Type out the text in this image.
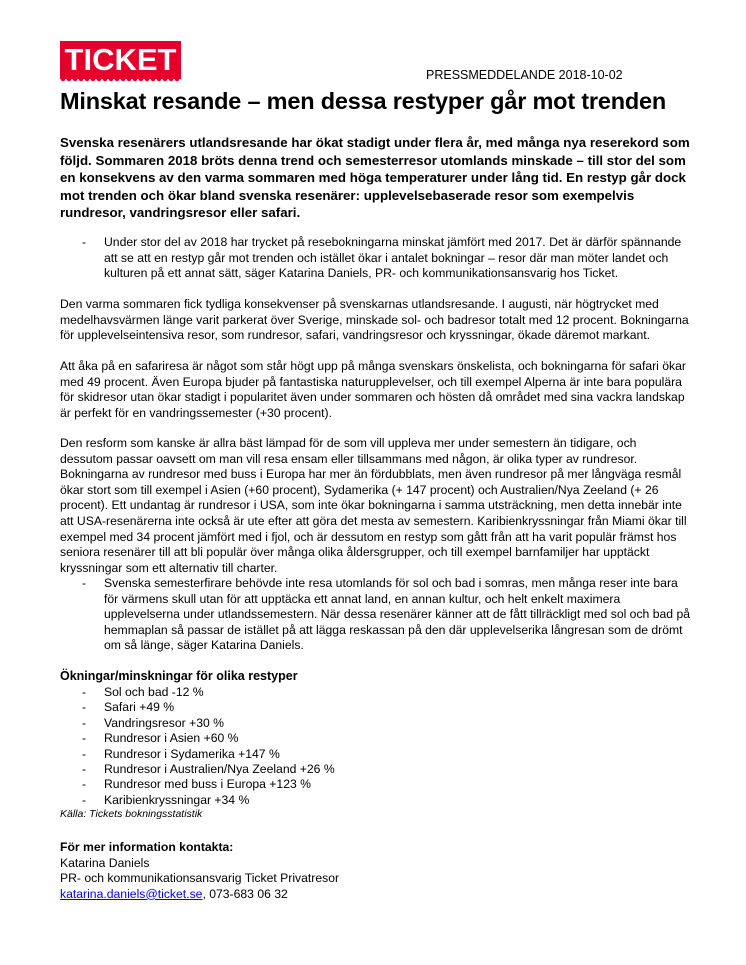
TICKET	PRESSMEDDELANDE 2018-10-02
Minskat resande – men dessa restyper går mot trenden

Svenska resenärers utlandsresande har ökat stadigt under flera år, med många nya reserekord som följd. Sommaren 2018 bröts denna trend och semesterresor utomlands minskade – till stor del som en konsekvens av den varma sommaren med höga temperaturer under lång tid. En restyp går dock mot trenden och ökar bland svenska resenärer: upplevelsebaserade resor som exempelvis rundresor, vandringsresor eller safari.

- Under stor del av 2018 har trycket på resebokningarna minskat jämfört med 2017. Det är därför spännande att se att en restyp går mot trenden och istället ökar i antalet bokningar – resor där man möter landet och kulturen på ett annat sätt, säger Katarina Daniels, PR- och kommunikationsansvarig hos Ticket.

Den varma sommaren fick tydliga konsekvenser på svenskarnas utlandsresande. I augusti, när högtrycket med medelhavsvärmen länge varit parkerat över Sverige, minskade sol- och badresor totalt med 12 procent. Bokningarna för upplevelseintensiva resor, som rundresor, safari, vandringsresor och kryssningar, ökade däremot markant.

Att åka på en safariresa är något som står högt upp på många svenskars önskelista, och bokningarna för safari ökar med 49 procent. Även Europa bjuder på fantastiska naturupplevelser, och till exempel Alperna är inte bara populära för skidresor utan ökar stadigt i popularitet även under sommaren och hösten då området med sina vackra landskap är perfekt för en vandringssemester (+30 procent).

Den resform som kanske är allra bäst lämpad för de som vill uppleva mer under semestern än tidigare, och dessutom passar oavsett om man vill resa ensam eller tillsammans med någon, är olika typer av rundresor. Bokningarna av rundresor med buss i Europa har mer än fördubblats, men även rundresor på mer långväga resmål ökar stort som till exempel i Asien (+60 procent), Sydamerika (+ 147 procent) och Australien/Nya Zeeland (+ 26 procent). Ett undantag är rundresor i USA, som inte ökar bokningarna i samma utsträckning, men detta innebär inte att USA-resenärerna inte också är ute efter att göra det mesta av semestern. Karibienkryssningar från Miami ökar till exempel med 34 procent jämfört med i fjol, och är dessutom en restyp som gått från att ha varit populär främst hos seniora resenärer till att bli populär över många olika åldersgrupper, och till exempel barnfamiljer har upptäckt kryssningar som ett alternativ till charter.

- Svenska semesterfirare behövde inte resa utomlands för sol och bad i somras, men många reser inte bara för värmens skull utan för att upptäcka ett annat land, en annan kultur, och helt enkelt maximera upplevelserna under utlandssemestern. När dessa resenärer känner att de fått tillräckligt med sol och bad på hemmaplan så passar de istället på att lägga reskassan på den där upplevelserika långresan som de drömt om så länge, säger Katarina Daniels.
Ökningar/minskningar för olika restyper
- Sol och bad -12 %
- Safari +49 %
- Vandringsresor +30 %
- Rundresor i Asien +60 %
- Rundresor i Sydamerika +147 %
- Rundresor i Australien/Nya Zeeland +26 %
- Rundresor med buss i Europa +123 %
- Karibienkryssningar +34 %
Källa: Tickets bokningsstatistik
För mer information kontakta:
Katarina Daniels
PR- och kommunikationsansvarig Ticket Privatresor
katarina.daniels@ticket.se, 073-683 06 32
